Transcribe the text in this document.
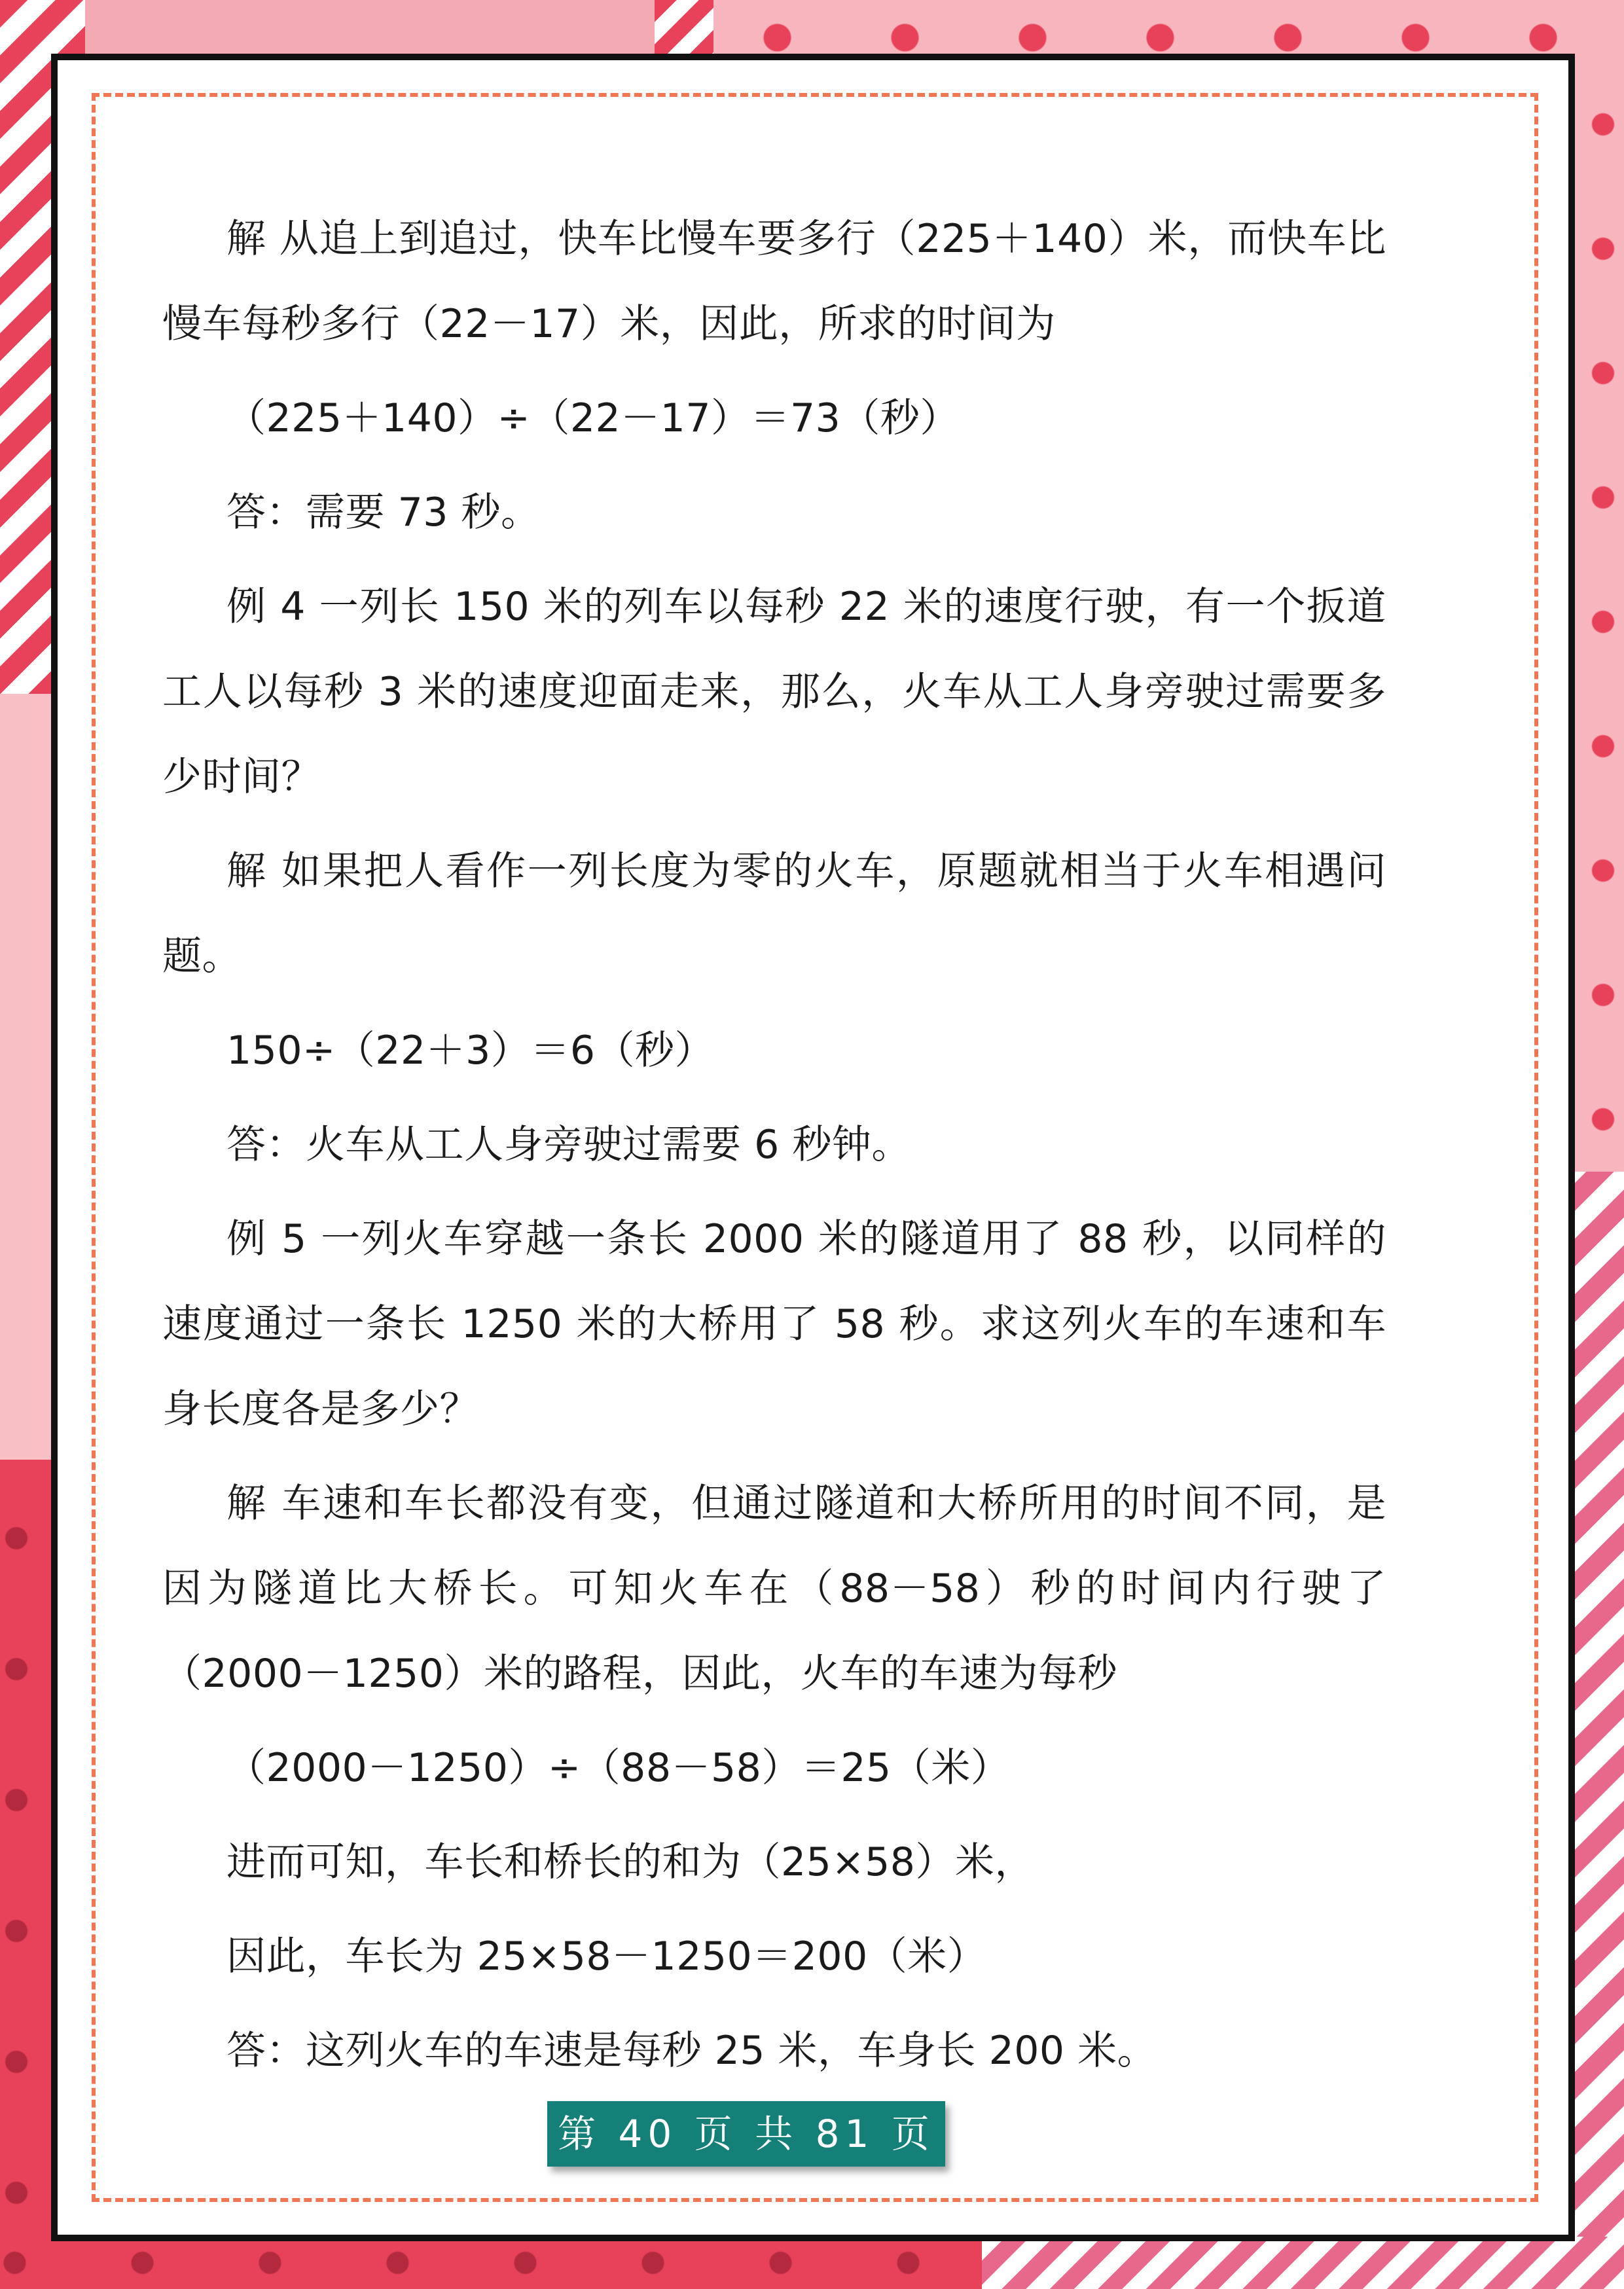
解 从追上到追过，快车比慢车要多行（225＋140）米，而快车比慢车每秒多行（22－17）米，因此，所求的时间为

（225＋140）÷（22－17）＝73（秒）

答：需要 73 秒。

例 4 一列长 150 米的列车以每秒 22 米的速度行驶，有一个扳道工人以每秒 3 米的速度迎面走来，那么，火车从工人身旁驶过需要多少时间？

解 如果把人看作一列长度为零的火车，原题就相当于火车相遇问题。

150÷（22＋3）＝6（秒）

答：火车从工人身旁驶过需要 6 秒钟。

例 5 一列火车穿越一条长 2000 米的隧道用了 88 秒，以同样的速度通过一条长 1250 米的大桥用了 58 秒。求这列火车的车速和车身长度各是多少？

解 车速和车长都没有变，但通过隧道和大桥所用的时间不同，是因为隧道比大桥长。可知火车在（88－58）秒的时间内行驶了（2000－1250）米的路程，因此，火车的车速为每秒

（2000－1250）÷（88－58）＝25（米）

进而可知，车长和桥长的和为（25×58）米，

因此，车长为 25×58－1250＝200（米）

答：这列火车的车速是每秒 25 米，车身长 200 米。

第 40 页 共 81 页
